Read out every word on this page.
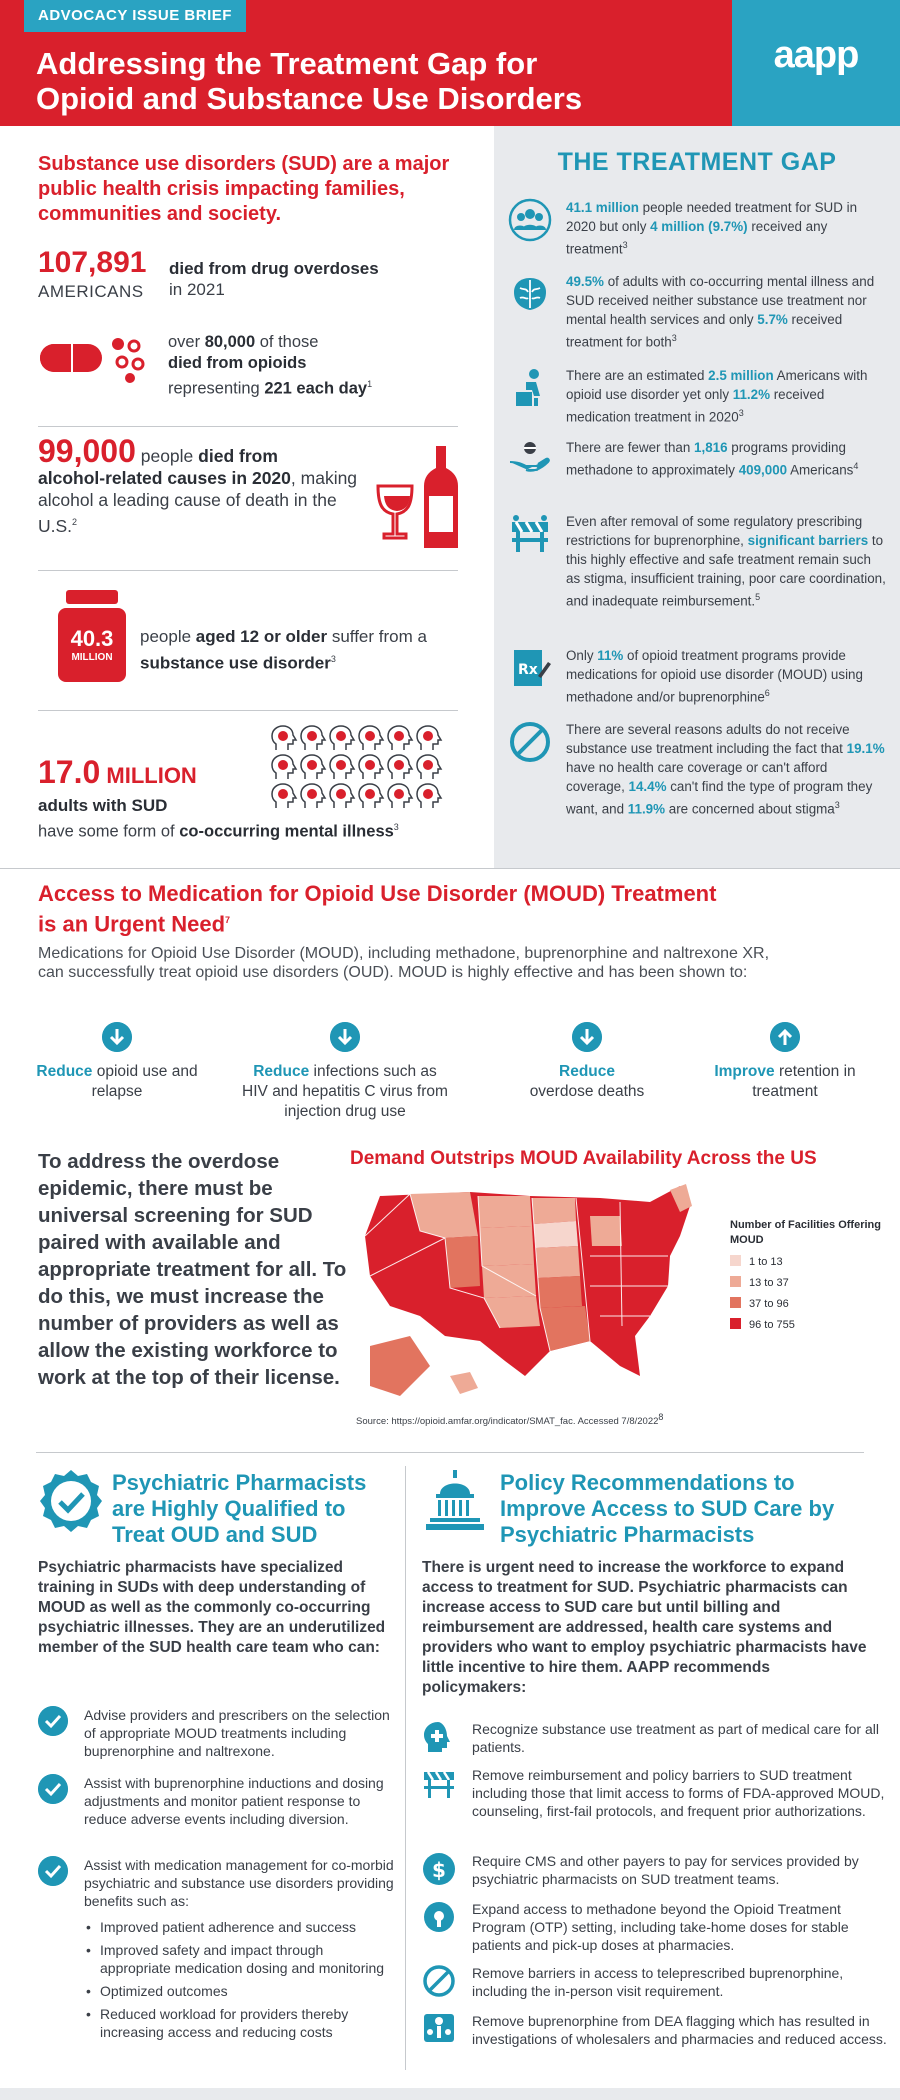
ADVOCACY ISSUE BRIEF
Addressing the Treatment Gap for
Opioid and Substance Use Disorders
aapp
Substance use disorders (SUD) are a major public health crisis impacting families, communities and society.
107,891
AMERICANS
died from drug overdoses
in 2021
over 80,000 of those
died from opioids
representing 221 each day$^1$
99,000 people died from
alcohol-related causes in 2020, making alcohol a leading cause of death in the U.S.$^2$
40.3
MILLION
people aged 12 or older suffer from a substance use disorder$^3$
17.0 MILLION
adults with SUD
have some form of co-occurring mental illness$^3$
THE TREATMENT GAP
41.1 million people needed treatment for SUD in 2020 but only 4 million (9.7%) received any treatment$^3$
49.5% of adults with co-occurring mental illness and SUD received neither substance use treatment nor mental health services and only 5.7% received treatment for both$^3$
There are an estimated 2.5 million Americans with opioid use disorder yet only 11.2% received medication treatment in 2020$^3$
There are fewer than 1,816 programs providing methadone to approximately 409,000 Americans$^4$
Even after removal of some regulatory prescribing restrictions for buprenorphine, significant barriers to this highly effective and safe treatment remain such as stigma, insufficient training, poor care coordination, and inadequate reimbursement.$^5$
Rx
Only 11% of opioid treatment programs provide medications for opioid use disorder (MOUD) using methadone and/or buprenorphine$^6$
There are several reasons adults do not receive substance use treatment including the fact that 19.1% have no health care coverage or can't afford coverage, 14.4% can't find the type of program they want, and 11.9% are concerned about stigma$^3$
Access to Medication for Opioid Use Disorder (MOUD) Treatment
is an Urgent Need$^7$
Medications for Opioid Use Disorder (MOUD), including methadone, buprenorphine and naltrexone XR, can successfully treat opioid use disorders (OUD). MOUD is highly effective and has been shown to:
Reduce opioid use and relapse
Reduce infections such as HIV and hepatitis C virus from injection drug use
Reduce
overdose deaths
Improve retention in treatment
To address the overdose epidemic, there must be universal screening for SUD paired with available and appropriate treatment for all. To do this, we must increase the number of providers as well as allow the existing workforce to work at the top of their license.
Demand Outstrips MOUD Availability Across the US
Number of Facilities Offering MOUD
1 to 13
13 to 37
37 to 96
96 to 755
Source: https://opioid.amfar.org/indicator/SMAT_fac. Accessed 7/8/20228
Psychiatric Pharmacists are Highly Qualified to Treat OUD and SUD
Psychiatric pharmacists have specialized training in SUDs with deep understanding of MOUD as well as the commonly co-occurring psychiatric illnesses. They are an underutilized member of the SUD health care team who can:
Advise providers and prescribers on the selection of appropriate MOUD treatments including buprenorphine and naltrexone.
Assist with buprenorphine inductions and dosing adjustments and monitor patient response to reduce adverse events including diversion.
Assist with medication management for co-morbid psychiatric and substance use disorders providing benefits such as:
• Improved patient adherence and success
• Improved safety and impact through appropriate medication dosing and monitoring
• Optimized outcomes
• Reduced workload for providers thereby increasing access and reducing costs
Policy Recommendations to Improve Access to SUD Care by Psychiatric Pharmacists
There is urgent need to increase the workforce to expand access to treatment for SUD. Psychiatric pharmacists can increase access to SUD care but until billing and reimbursement are addressed, health care systems and providers who want to employ psychiatric pharmacists have little incentive to hire them. AAPP recommends policymakers:
Recognize substance use treatment as part of medical care for all patients.
Remove reimbursement and policy barriers to SUD treatment including those that limit access to forms of FDA-approved MOUD, counseling, first-fail protocols, and frequent prior authorizations.
$ Require CMS and other payers to pay for services provided by psychiatric pharmacists on SUD treatment teams.
Expand access to methadone beyond the Opioid Treatment Program (OTP) setting, including take-home doses for stable patients and pick-up doses at pharmacies.
Remove barriers in access to teleprescribed buprenorphine, including the in-person visit requirement.
Remove buprenorphine from DEA flagging which has resulted in investigations of wholesalers and pharmacies and reduced access.
